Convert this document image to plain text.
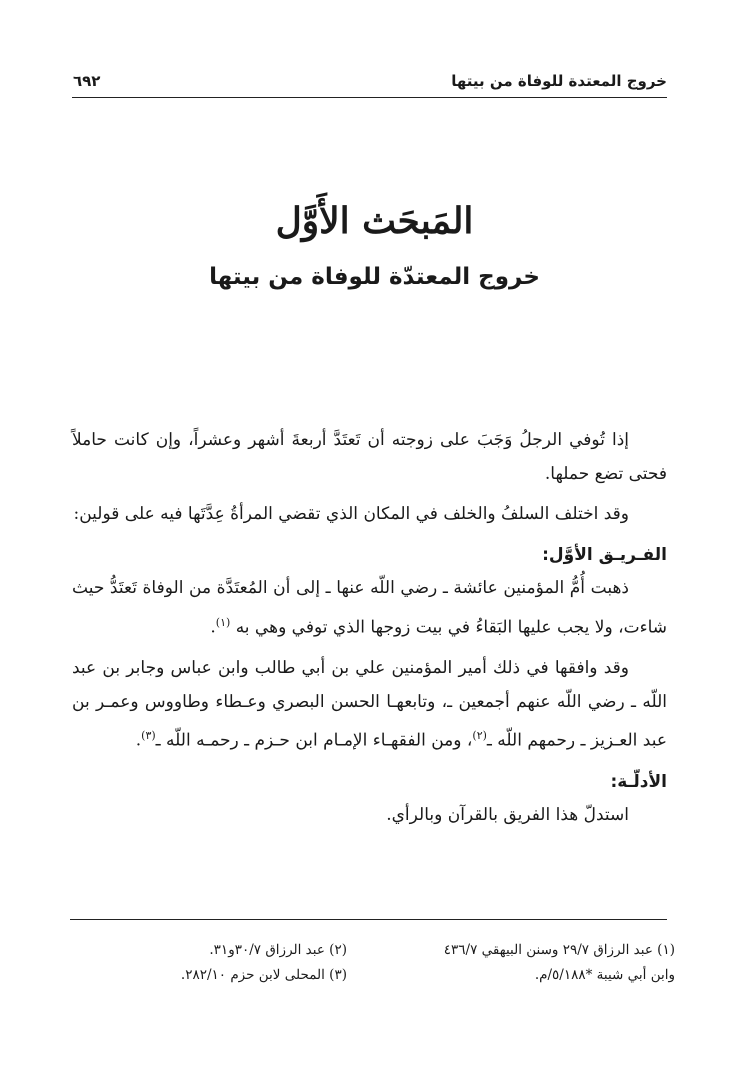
خروج المعتدة للوفاة من بيتها
٦٩٢
المَبحَث الأَوَّل
خروج المعتدّة للوفاة من بيتها

إذا تُوفي الرجلُ وَجَبَ على زوجته أن تَعتَدَّ أربعةَ أشهر وعشراً، وإن كانت حاملاً فحتى تضع حملها.

وقد اختلف السلفُ والخلف في المكان الذي تقضي المرأةُ عِدَّتَها فيه على قولين:

الفـريـق الأوَّل:

ذهبت أُمُّ المؤمنين عائشة ـ رضي اللّه عنها ـ إلى أن المُعتَدَّة من الوفاة تَعتَدُّ حيث شاءت، ولا يجب عليها البَقاءُ في بيت زوجها الذي توفي وهي به $^{(١)}$.

وقد وافقها في ذلك أمير المؤمنين علي بن أبي طالب وابن عباس وجابر بن عبد اللّه ـ رضي اللّه عنهم أجمعين ـ، وتابعهـا الحسن البصري وعـطاء وطاووس وعمـر بن عبد العـزيز ـ رحمهم اللّه ـ$^{(٢)}$، ومن الفقهـاء الإمـام ابن حـزم ـ رحمـه اللّه ـ$^{(٣)}$.

الأدلّـة:

استدلّ هذا الفريق بالقرآن وبالرأي.

(١) عبد الرزاق ٢٩/٧ وسنن البيهقي ٤٣٦/٧
وابن أبي شيبة *٥/١٨٨/م.
(٢) عبد الرزاق ٣٠/٧و٣١.
(٣) المحلى لابن حزم ٢٨٢/١٠.
